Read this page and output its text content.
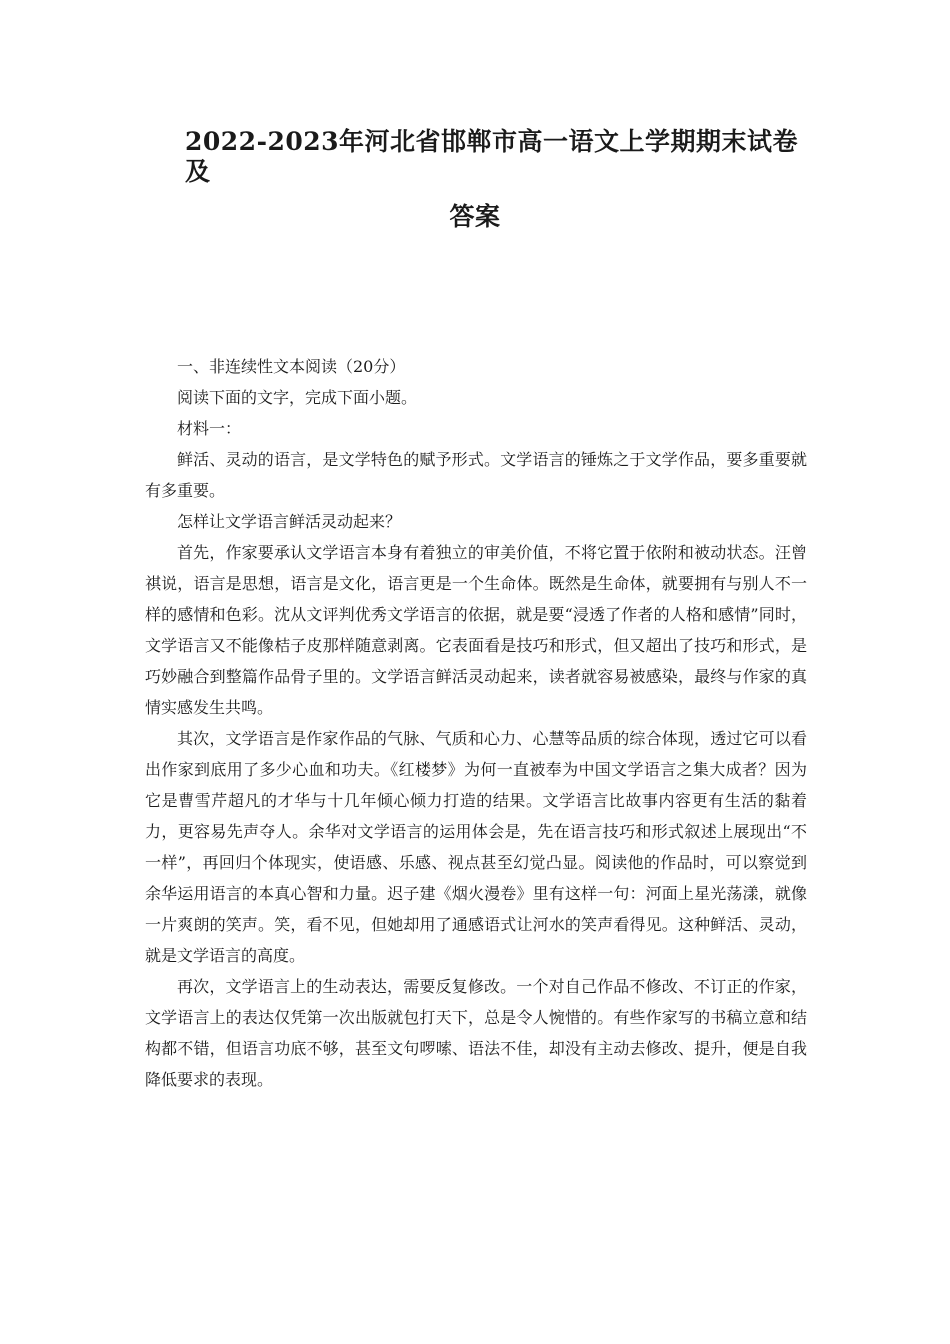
2022-2023年河北省邯郸市高一语文上学期期末试卷及
答案

一、非连续性文本阅读（20分）

阅读下面的文字，完成下面小题。

材料一：

鲜活、灵动的语言，是文学特色的赋予形式。文学语言的锤炼之于文学作品，要多重要就有多重要。

怎样让文学语言鲜活灵动起来？

首先，作家要承认文学语言本身有着独立的审美价值，不将它置于依附和被动状态。汪曾祺说，语言是思想，语言是文化，语言更是一个生命体。既然是生命体，就要拥有与别人不一样的感情和色彩。沈从文评判优秀文学语言的依据，就是要“浸透了作者的人格和感情”同时，文学语言又不能像桔子皮那样随意剥离。它表面看是技巧和形式，但又超出了技巧和形式，是巧妙融合到整篇作品骨子里的。文学语言鲜活灵动起来，读者就容易被感染，最终与作家的真情实感发生共鸣。

其次，文学语言是作家作品的气脉、气质和心力、心慧等品质的综合体现，透过它可以看出作家到底用了多少心血和功夫。《红楼梦》为何一直被奉为中国文学语言之集大成者？因为它是曹雪芹超凡的才华与十几年倾心倾力打造的结果。文学语言比故事内容更有生活的黏着力，更容易先声夺人。余华对文学语言的运用体会是，先在语言技巧和形式叙述上展现出“不一样”，再回归个体现实，使语感、乐感、视点甚至幻觉凸显。阅读他的作品时，可以察觉到余华运用语言的本真心智和力量。迟子建《烟火漫卷》里有这样一句：河面上星光荡漾，就像一片爽朗的笑声。笑，看不见，但她却用了通感语式让河水的笑声看得见。这种鲜活、灵动，就是文学语言的高度。

再次，文学语言上的生动表达，需要反复修改。一个对自己作品不修改、不订正的作家，文学语言上的表达仅凭第一次出版就包打天下，总是令人惋惜的。有些作家写的书稿立意和结构都不错，但语言功底不够，甚至文句啰嗦、语法不佳，却没有主动去修改、提升，便是自我降低要求的表现。
